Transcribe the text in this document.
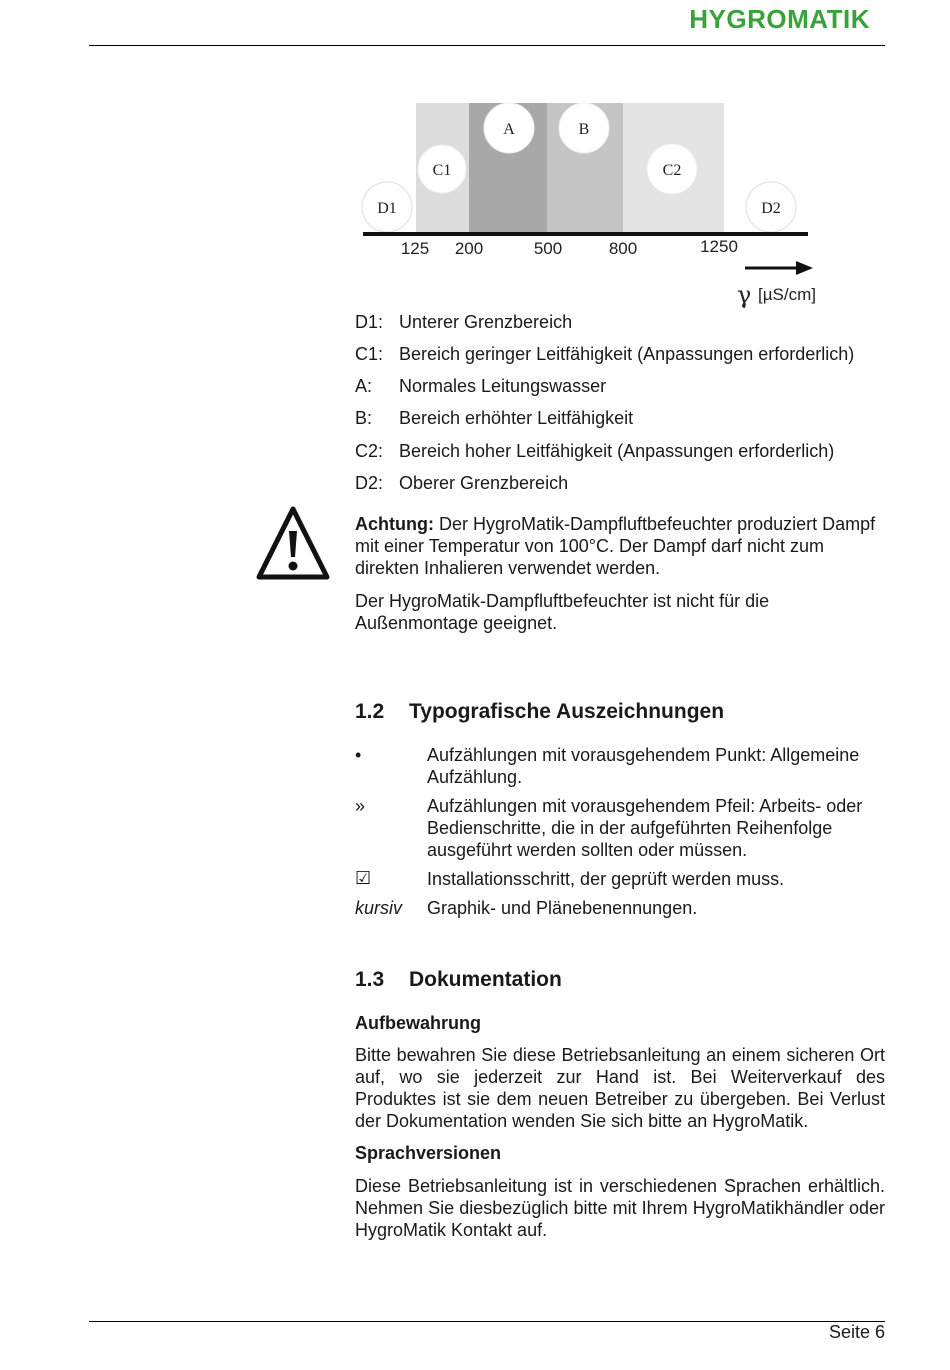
HYGROMATIK
A	B
C1	C2
D1	D2
125 200	500	800	1250
γ [µS/cm]
D1: Unterer Grenzbereich
C1: Bereich geringer Leitfähigkeit (Anpassungen erforderlich)
A: Normales Leitungswasser
B: Bereich erhöhter Leitfähigkeit
C2: Bereich hoher Leitfähigkeit (Anpassungen erforderlich)
D2: Oberer Grenzbereich
Achtung: Der HygroMatik-Dampfluftbefeuchter produziert Dampf mit einer Temperatur von 100°C. Der Dampf darf nicht zum direkten Inhalieren verwendet werden.
Der HygroMatik-Dampfluftbefeuchter ist nicht für die Außenmontage geeignet.
1.2 Typografische Auszeichnungen
•	Aufzählungen mit vorausgehendem Punkt: Allgemeine Aufzählung.
»	Aufzählungen mit vorausgehendem Pfeil: Arbeits- oder Bedienschritte, die in der aufgeführten Reihenfolge ausgeführt werden sollten oder müssen.
☑	Installationsschritt, der geprüft werden muss.
kursiv Graphik- und Plänebenennungen.
1.3 Dokumentation
Aufbewahrung
Bitte bewahren Sie diese Betriebsanleitung an einem sicheren Ort auf, wo sie jederzeit zur Hand ist. Bei Weiterverkauf des Produktes ist sie dem neuen Betreiber zu übergeben. Bei Verlust der Dokumentation wenden Sie sich bitte an HygroMatik.
Sprachversionen
Diese Betriebsanleitung ist in verschiedenen Sprachen erhältlich. Nehmen Sie diesbezüglich bitte mit Ihrem HygroMatikhändler oder HygroMatik Kontakt auf.
Seite 6
